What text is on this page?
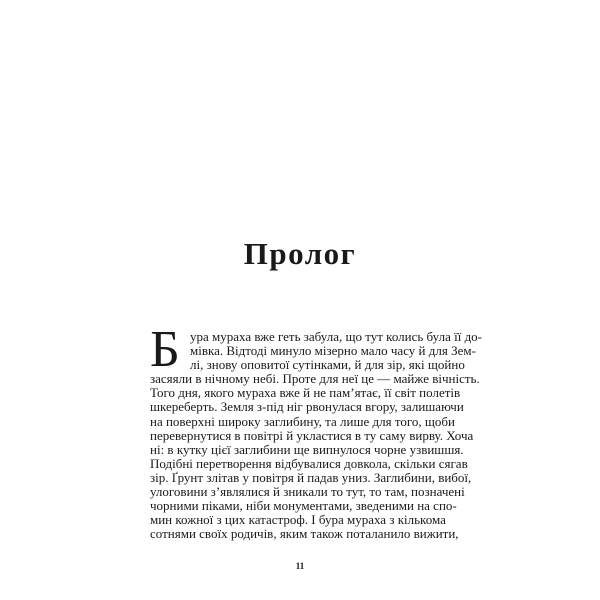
Пролог
Б ура мураха вже геть забула, що тут колись була її до-
мівка. Відтоді минуло мізерно мало часу й для Зем-
лі, знову оповитої сутінками, й для зір, які щойно
засяяли в нічному небі. Проте для неї це — майже вічність.
Того дня, якого мураха вже й не пам’ятає, її світ полетів
шкереберть. Земля з-під ніг рвонулася вгору, залишаючи
на поверхні широку заглибину, та лише для того, щоби
перевернутися в повітрі й укластися в ту саму вирву. Хоча
ні: в кутку цієї заглибини ще випнулося чорне узвишшя.
Подібні перетворення відбувалися довкола, скільки сягав
зір. Ґрунт злітав у повітря й падав униз. Заглибини, вибої,
улоговини з’являлися й зникали то тут, то там, позначені
чорними піками, ніби монументами, зведеними на спо-
мин кожної з цих катастроф. І бура мураха з кількома
сотнями своїх родичів, яким також поталанило вижити,
11
